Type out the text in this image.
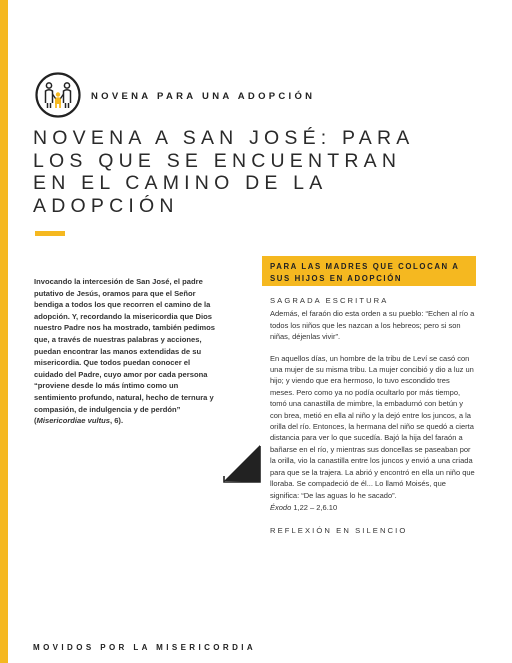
NOVENA PARA UNA ADOPCIÓN
NOVENA A SAN JOSÉ: PARA
LOS QUE SE ENCUENTRAN
EN EL CAMINO DE LA
ADOPCIÓN

Invocando la intercesión de San José, el padre putativo de Jesús, oramos para que el Señor bendiga a todos los que recorren el camino de la adopción. Y, recordando la misericordia que Dios nuestro Padre nos ha mostrado, también pedimos que, a través de nuestras palabras y acciones, puedan encontrar las manos extendidas de su misericordia. Que todos puedan conocer el cuidado del Padre, cuyo amor por cada persona “proviene desde lo más íntimo como un sentimiento profundo, natural, hecho de ternura y compasión, de indulgencia y de perdón” (Misericordiae vultus, 6).

PARA LAS MADRES QUE COLOCAN A
SUS HIJOS EN ADOPCIÓN

SAGRADA ESCRITURA

Además, el faraón dio esta orden a su pueblo: “Echen al río a todos los niños que les nazcan a los hebreos; pero si son niñas, déjenlas vivir”.

En aquellos días, un hombre de la tribu de Leví se casó con una mujer de su misma tribu. La mujer concibió y dio a luz un hijo; y viendo que era hermoso, lo tuvo escondido tres meses. Pero como ya no podía ocultarlo por más tiempo, tomó una canastilla de mimbre, la embadurnó con betún y con brea, metió en ella al niño y la dejó entre los juncos, a la orilla del río. Entonces, la hermana del niño se quedó a cierta distancia para ver lo que sucedía. Bajó la hija del faraón a bañarse en el río, y mientras sus doncellas se paseaban por la orilla, vio la canastilla entre los juncos y envió a una criada para que se la trajera. La abrió y encontró en ella un niño que lloraba. Se compadeció de él... Lo llamó Moisés, que significa: “De las aguas lo he sacado”.

Éxodo 1,22 – 2,6.10

REFLEXIÓN EN SILENCIO

MOVIDOS POR LA MISERICORDIA
